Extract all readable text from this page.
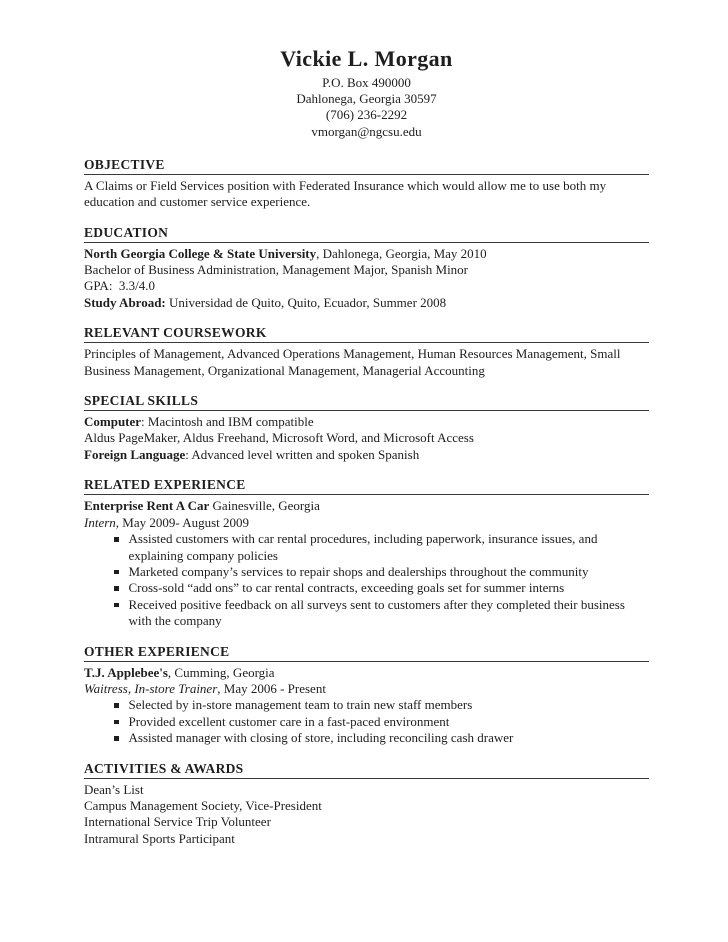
Vickie L. Morgan
P.O. Box 490000
Dahlonega, Georgia 30597
(706) 236-2292
vmorgan@ngcsu.edu
OBJECTIVE
A Claims or Field Services position with Federated Insurance which would allow me to use both my education and customer service experience.
EDUCATION
North Georgia College & State University, Dahlonega, Georgia, May 2010
Bachelor of Business Administration, Management Major, Spanish Minor
GPA:  3.3/4.0
Study Abroad: Universidad de Quito, Quito, Ecuador, Summer 2008
RELEVANT COURSEWORK
Principles of Management, Advanced Operations Management, Human Resources Management, Small Business Management, Organizational Management, Managerial Accounting
SPECIAL SKILLS
Computer: Macintosh and IBM compatible
Aldus PageMaker, Aldus Freehand, Microsoft Word, and Microsoft Access
Foreign Language: Advanced level written and spoken Spanish
RELATED EXPERIENCE
Enterprise Rent A Car Gainesville, Georgia
Intern, May 2009- August 2009
Assisted customers with car rental procedures, including paperwork, insurance issues, and explaining company policies
Marketed company’s services to repair shops and dealerships throughout the community
Cross-sold “add ons” to car rental contracts, exceeding goals set for summer interns
Received positive feedback on all surveys sent to customers after they completed their business with the company
OTHER EXPERIENCE
T.J. Applebee's, Cumming, Georgia
Waitress, In-store Trainer, May 2006 - Present
Selected by in-store management team to train new staff members
Provided excellent customer care in a fast-paced environment
Assisted manager with closing of store, including reconciling cash drawer
ACTIVITIES & AWARDS
Dean’s List
Campus Management Society, Vice-President
International Service Trip Volunteer
Intramural Sports Participant
